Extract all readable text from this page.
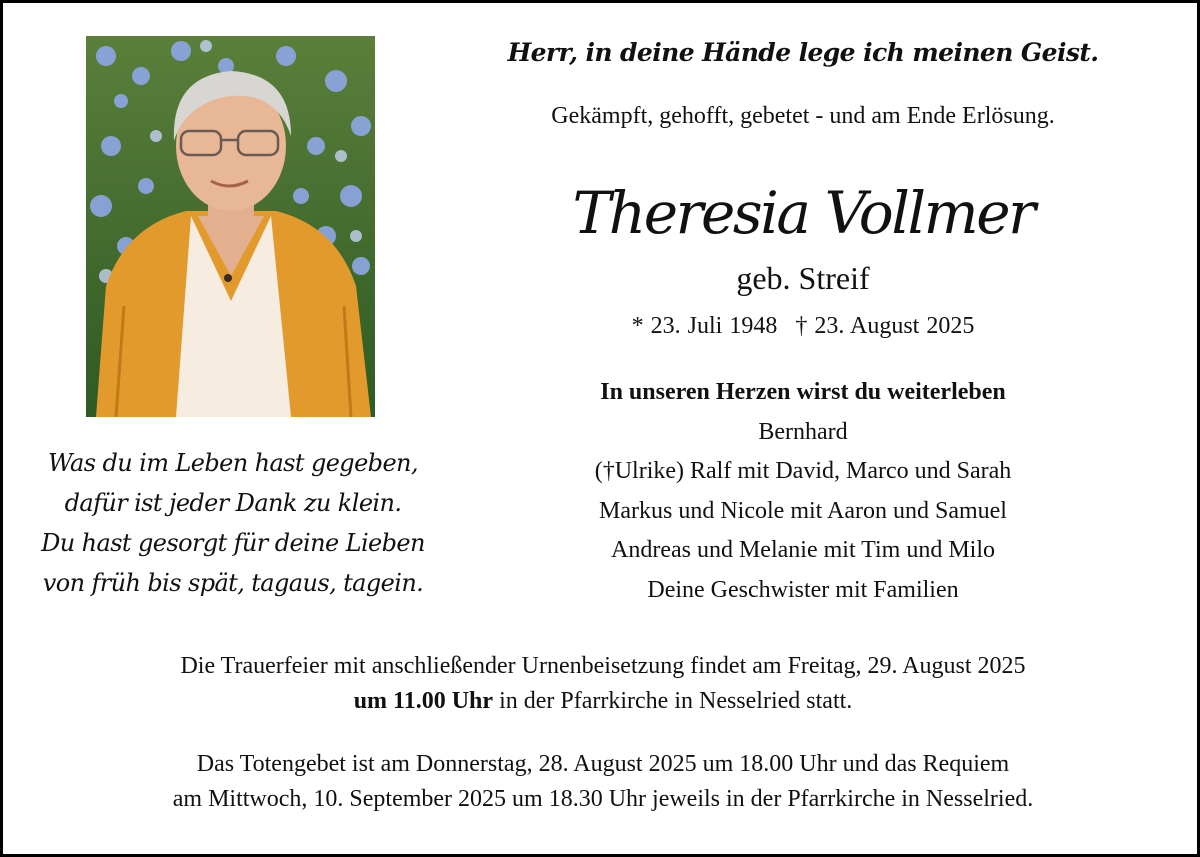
Was du im Leben hast gegeben,
dafür ist jeder Dank zu klein.
Du hast gesorgt für deine Lieben
von früh bis spät, tagaus, tagein.
Herr, in deine Hände lege ich meinen Geist.
Gekämpft, gehofft, gebetet - und am Ende Erlösung.
Theresia Vollmer
geb. Streif
* 23. Juli 1948 † 23. August 2025
In unseren Herzen wirst du weiterleben
Bernhard
(†Ulrike) Ralf mit David, Marco und Sarah
Markus und Nicole mit Aaron und Samuel
Andreas und Melanie mit Tim und Milo
Deine Geschwister mit Familien
Die Trauerfeier mit anschließender Urnenbeisetzung findet am Freitag, 29. August 2025
um 11.00 Uhr in der Pfarrkirche in Nesselried statt.
Das Totengebet ist am Donnerstag, 28. August 2025 um 18.00 Uhr und das Requiem
am Mittwoch, 10. September 2025 um 18.30 Uhr jeweils in der Pfarrkirche in Nesselried.
